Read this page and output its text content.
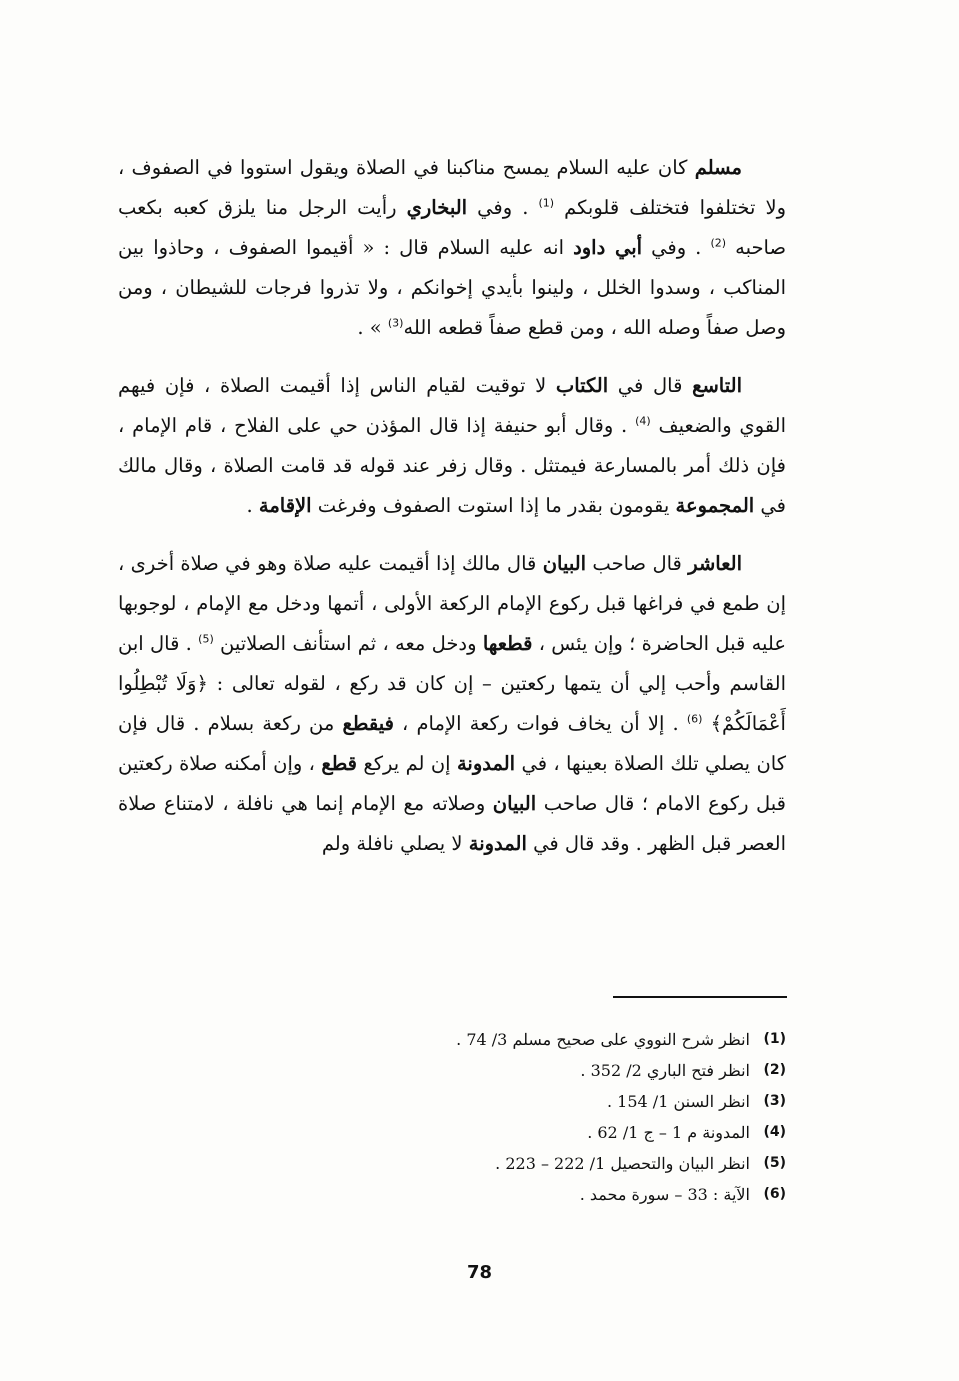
مسلم كان عليه السلام يمسح مناكبنا في الصلاة ويقول استووا في الصفوف ، ولا تختلفوا فتختلف قلوبكم $^{(1)}$ . وفي البخاري رأيت الرجل منا يلزق كعبه بكعب صاحبه $^{(2)}$ . وفي أبي داود انه عليه السلام قال : « أقيموا الصفوف ، وحاذوا بين المناكب ، وسدوا الخلل ، ولينوا بأيدي إخوانكم ، ولا تذروا فرجات للشيطان ، ومن وصل صفاً وصله الله ، ومن قطع صفاً قطعه الله$^{(3)}$ » .

التاسع قال في الكتاب لا توقيت لقيام الناس إذا أقيمت الصلاة ، فإن فيهم القوي والضعيف $^{(4)}$ . وقال أبو حنيفة إذا قال المؤذن حي على الفلاح ، قام الإمام ، فإن ذلك أمر بالمسارعة فيمتثل . وقال زفر عند قوله قد قامت الصلاة ، وقال مالك في المجموعة يقومون بقدر ما إذا استوت الصفوف وفرغت الإقامة .

العاشر قال صاحب البيان قال مالك إذا أقيمت عليه صلاة وهو في صلاة أخرى ، إن طمع في فراغها قبل ركوع الإمام الركعة الأولى ، أتمها ودخل مع الإمام ، لوجوبها عليه قبل الحاضرة ؛ وإن يئس ، قطعها ودخل معه ، ثم استأنف الصلاتين $^{(5)}$ . قال ابن القاسم وأحب إلي أن يتمها ركعتين – إن كان قد ركع ، لقوله تعالى : ﴿وَلَا تُبْطِلُوا أَعْمَالَكُمْ﴾ $^{(6)}$ . إلا أن يخاف فوات ركعة الإمام ، فيقطع من ركعة بسلام . قال فإن كان يصلي تلك الصلاة بعينها ، في المدونة إن لم يركع قطع ، وإن أمكنه صلاة ركعتين قبل ركوع الامام ؛ قال صاحب البيان وصلاته مع الإمام إنما هي نافلة ، لامتناع صلاة العصر قبل الظهر . وقد قال في المدونة لا يصلي نافلة ولم

(1)
انظر شرح النووي على صحيح مسلم 3/ 74 .
(2)
انظر فتح الباري 2/ 352 .
(3)
انظر السنن 1/ 154 .
(4)
المدونة م 1 – ج 1/ 62 .
(5)
انظر البيان والتحصيل 1/ 222 – 223 .
(6)
الآية : 33 – سورة محمد .
78
